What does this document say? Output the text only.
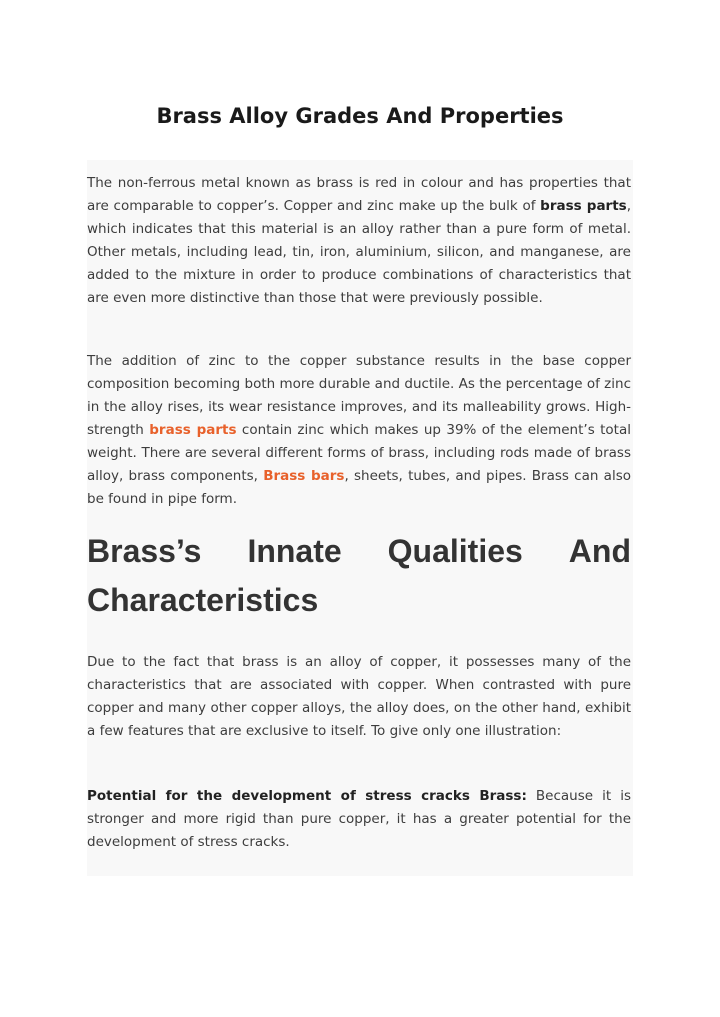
Brass Alloy Grades And Properties

The non-ferrous metal known as brass is red in colour and has properties that are comparable to copper’s. Copper and zinc make up the bulk of brass parts, which indicates that this material is an alloy rather than a pure form of metal. Other metals, including lead, tin, iron, aluminium, silicon, and manganese, are added to the mixture in order to produce combinations of characteristics that are even more distinctive than those that were previously possible.

The addition of zinc to the copper substance results in the base copper composition becoming both more durable and ductile. As the percentage of zinc in the alloy rises, its wear resistance improves, and its malleability grows. High-strength brass parts contain zinc which makes up 39% of the element’s total weight. There are several different forms of brass, including rods made of brass alloy, brass components, Brass bars, sheets, tubes, and pipes. Brass can also be found in pipe form.

Brass’s Innate Qualities And
Characteristics

Due to the fact that brass is an alloy of copper, it possesses many of the characteristics that are associated with copper. When contrasted with pure copper and many other copper alloys, the alloy does, on the other hand, exhibit a few features that are exclusive to itself. To give only one illustration:

Potential for the development of stress cracks Brass: Because it is stronger and more rigid than pure copper, it has a greater potential for the development of stress cracks.
